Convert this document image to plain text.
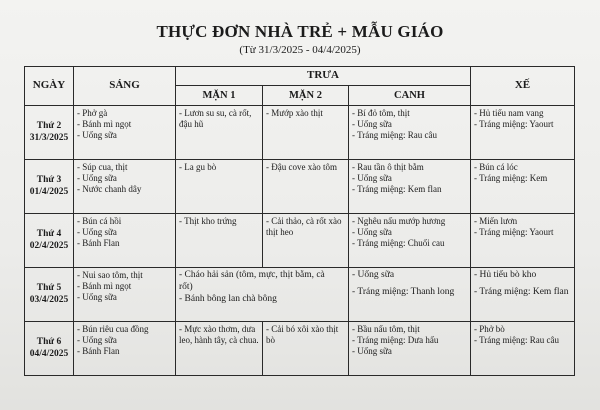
THỰC ĐƠN NHÀ TRẺ + MẪU GIÁO
(Từ 31/3/2025 - 04/4/2025)
NGÀY	SÁNG	TRƯA			XẾ
		MẶN 1	MẶN 2	CANH	

Thứ 2
31/3/2025	- Phở gà
- Bánh mì ngọt
- Uống sữa	- Lươn su su, cà rốt,
đậu hũ	- Mướp xào thịt	- Bí đỏ tôm, thịt
- Uống sữa
- Tráng miệng: Rau câu	- Hủ tiếu nam vang
- Tráng miệng: Yaourt

Thứ 3
01/4/2025	- Súp cua, thịt
- Uống sữa
- Nước chanh dây	- La gu bò	- Đậu cove xào tôm	- Rau tần ô thịt bằm
- Uống sữa
- Tráng miệng: Kem flan	- Bún cá lóc
- Tráng miệng: Kem

Thứ 4
02/4/2025	- Bún cá hồi
- Uống sữa
- Bánh Flan	- Thịt kho trứng	- Cải thảo, cà rốt xào
thịt heo	- Nghêu nấu mướp hương
- Uống sữa
- Tráng miệng: Chuối cau	- Miến lươn
- Tráng miệng: Yaourt

Thứ 5
03/4/2025	- Nui sao tôm, thịt
- Bánh mì ngọt
- Uống sữa	- Cháo hải sản (tôm, mực, thịt bằm, cà
rốt)
- Bánh bông lan chà bông		- Uống sữa
- Tráng miệng: Thanh long	- Hủ tiếu bò kho
- Tráng miệng: Kem flan

Thứ 6
04/4/2025	- Bún riêu cua đồng
- Uống sữa
- Bánh Flan	- Mực xào thơm, dưa
leo, hành tây, cà chua.	- Cải bó xôi xào thịt
bò	- Bầu nấu tôm, thịt
- Tráng miệng: Dưa hấu
- Uống sữa	- Phở bò
- Tráng miệng: Rau câu
